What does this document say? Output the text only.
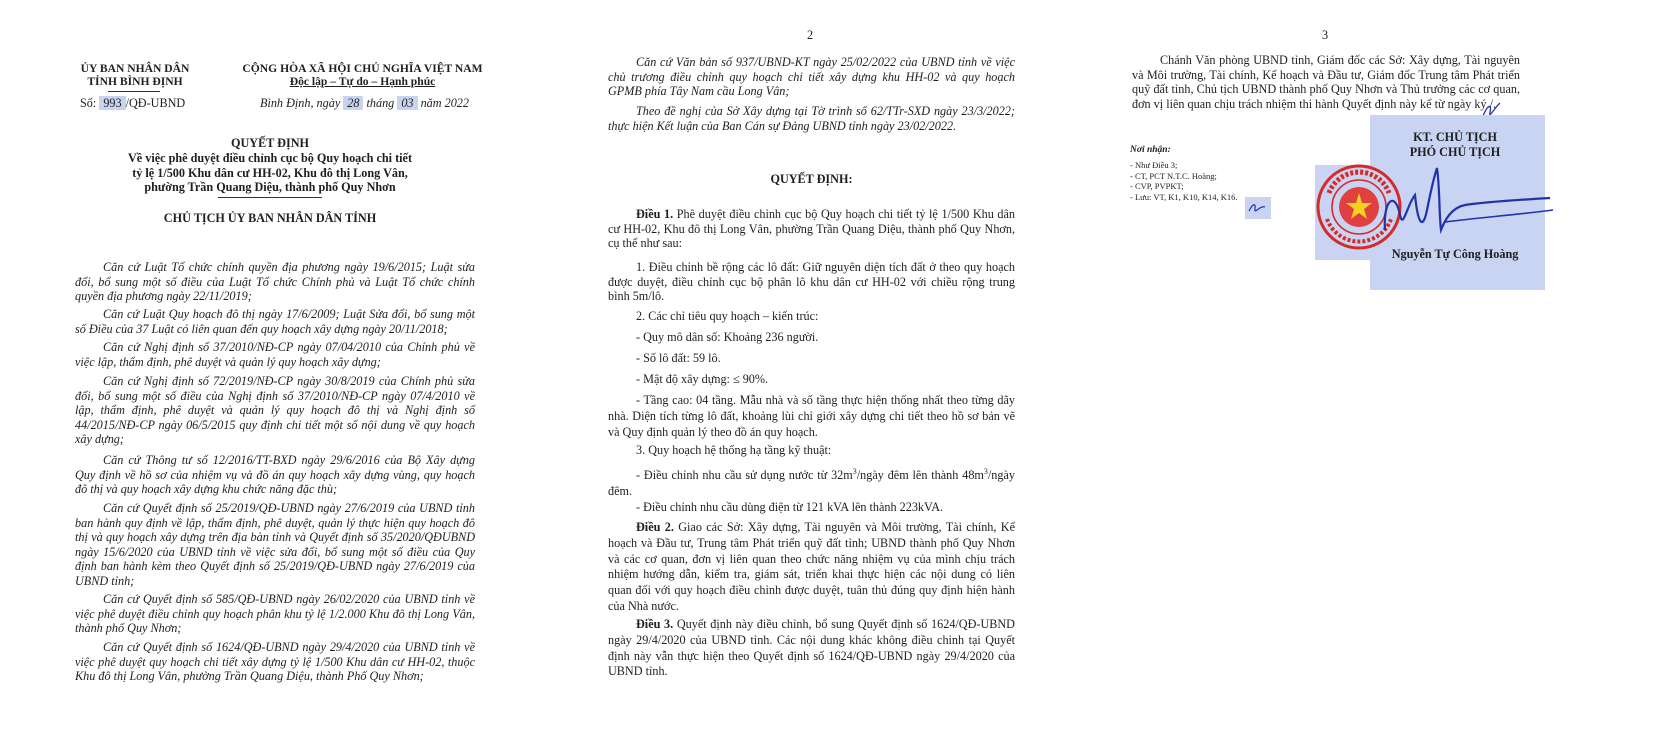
ỦY BAN NHÂN DÂN
TỈNH BÌNH ĐỊNH
Số: 993 /QĐ-UBND
CỘNG HÒA XÃ HỘI CHỦ NGHĨA VIỆT NAM
Độc lập – Tự do – Hạnh phúc
Bình Định, ngày 28 tháng 03 năm 2022
QUYẾT ĐỊNH
Về việc phê duyệt điều chỉnh cục bộ Quy hoạch chi tiết
tỷ lệ 1/500 Khu dân cư HH-02, Khu đô thị Long Vân,
phường Trần Quang Diệu, thành phố Quy Nhơn
CHỦ TỊCH ỦY BAN NHÂN DÂN TỈNH
Căn cứ Luật Tổ chức chính quyền địa phương ngày 19/6/2015; Luật sửa đổi, bổ sung một số điều của Luật Tổ chức Chính phủ và Luật Tổ chức chính quyền địa phương ngày 22/11/2019;
Căn cứ Luật Quy hoạch đô thị ngày 17/6/2009; Luật Sửa đổi, bổ sung một số Điều của 37 Luật có liên quan đến quy hoạch xây dựng ngày 20/11/2018;
Căn cứ Nghị định số 37/2010/NĐ-CP ngày 07/04/2010 của Chính phủ về việc lập, thẩm định, phê duyệt và quản lý quy hoạch xây dựng;
Căn cứ Nghị định số 72/2019/NĐ-CP ngày 30/8/2019 của Chính phủ sửa đổi, bổ sung một số điều của Nghị định số 37/2010/NĐ-CP ngày 07/4/2010 về lập, thẩm định, phê duyệt và quản lý quy hoạch đô thị và Nghị định số 44/2015/NĐ-CP ngày 06/5/2015 quy định chi tiết một số nội dung về quy hoạch xây dựng;
Căn cứ Thông tư số 12/2016/TT-BXD ngày 29/6/2016 của Bộ Xây dựng Quy định về hồ sơ của nhiệm vụ và đồ án quy hoạch xây dựng vùng, quy hoạch đô thị và quy hoạch xây dựng khu chức năng đặc thù;
Căn cứ Quyết định số 25/2019/QĐ-UBND ngày 27/6/2019 của UBND tỉnh ban hành quy định về lập, thẩm định, phê duyệt, quản lý thực hiện quy hoạch đô thị và quy hoạch xây dựng trên địa bàn tỉnh và Quyết định số 35/2020/QĐUBND ngày 15/6/2020 của UBND tỉnh về việc sửa đổi, bổ sung một số điều của Quy định ban hành kèm theo Quyết định số 25/2019/QĐ-UBND ngày 27/6/2019 của UBND tỉnh;
Căn cứ Quyết định số 585/QĐ-UBND ngày 26/02/2020 của UBND tỉnh về việc phê duyệt điều chỉnh quy hoạch phân khu tỷ lệ 1/2.000 Khu đô thị Long Vân, thành phố Quy Nhơn;
Căn cứ Quyết định số 1624/QĐ-UBND ngày 29/4/2020 của UBND tỉnh về việc phê duyệt quy hoạch chi tiết xây dựng tỷ lệ 1/500 Khu dân cư HH-02, thuộc Khu đô thị Long Vân, phường Trần Quang Diệu, thành Phố Quy Nhơn;
2
Căn cứ Văn bản số 937/UBND-KT ngày 25/02/2022 của UBND tỉnh về việc chủ trương điều chỉnh quy hoạch chi tiết xây dựng khu HH-02 và quy hoạch GPMB phía Tây Nam cầu Long Vân;
Theo đề nghị của Sở Xây dựng tại Tờ trình số 62/TTr-SXD ngày 23/3/2022; thực hiện Kết luận của Ban Cán sự Đảng UBND tỉnh ngày 23/02/2022.
QUYẾT ĐỊNH:
Điều 1. Phê duyệt điều chỉnh cục bộ Quy hoạch chi tiết tỷ lệ 1/500 Khu dân cư HH-02, Khu đô thị Long Vân, phường Trần Quang Diệu, thành phố Quy Nhơn, cụ thể như sau:
1. Điều chỉnh bề rộng các lô đất: Giữ nguyên diện tích đất ở theo quy hoạch được duyệt, điều chỉnh cục bộ phân lô khu dân cư HH-02 với chiều rộng trung bình 5m/lô.
2. Các chỉ tiêu quy hoạch – kiến trúc:
- Quy mô dân số: Khoảng 236 người.
- Số lô đất: 59 lô.
- Mật độ xây dựng: ≤ 90%.
- Tầng cao: 04 tầng. Mẫu nhà và số tầng thực hiện thống nhất theo từng dãy nhà. Diện tích từng lô đất, khoảng lùi chỉ giới xây dựng chi tiết theo hồ sơ bản vẽ và Quy định quản lý theo đồ án quy hoạch.
3. Quy hoạch hệ thống hạ tầng kỹ thuật:
- Điều chỉnh nhu cầu sử dụng nước từ $32m^3$/ngày đêm lên thành $48m^3$/ngày đêm.
- Điều chỉnh nhu cầu dùng điện từ 121 kVA lên thành 223kVA.
Điều 2. Giao các Sở: Xây dựng, Tài nguyên và Môi trường, Tài chính, Kế hoạch và Đầu tư, Trung tâm Phát triển quỹ đất tỉnh; UBND thành phố Quy Nhơn và các cơ quan, đơn vị liên quan theo chức năng nhiệm vụ của mình chịu trách nhiệm hướng dẫn, kiểm tra, giám sát, triển khai thực hiện các nội dung có liên quan đối với quy hoạch điều chỉnh được duyệt, tuân thủ đúng quy định hiện hành của Nhà nước.
Điều 3. Quyết định này điều chỉnh, bổ sung Quyết định số 1624/QĐ-UBND ngày 29/4/2020 của UBND tỉnh. Các nội dung khác không điều chỉnh tại Quyết định này vẫn thực hiện theo Quyết định số 1624/QĐ-UBND ngày 29/4/2020 của UBND tỉnh.
3
Chánh Văn phòng UBND tỉnh, Giám đốc các Sở: Xây dựng, Tài nguyên và Môi trường, Tài chính, Kế hoạch và Đầu tư, Giám đốc Trung tâm Phát triển quỹ đất tỉnh, Chủ tịch UBND thành phố Quy Nhơn và Thủ trưởng các cơ quan, đơn vị liên quan chịu trách nhiệm thi hành Quyết định này kể từ ngày ký./.
Nơi nhận:
- Như Điều 3;
- CT, PCT N.T.C. Hoàng;
- CVP, PVPKT;
- Lưu: VT, K1, K10, K14, K16.
KT. CHỦ TỊCH
PHÓ CHỦ TỊCH
Nguyễn Tự Công Hoàng
